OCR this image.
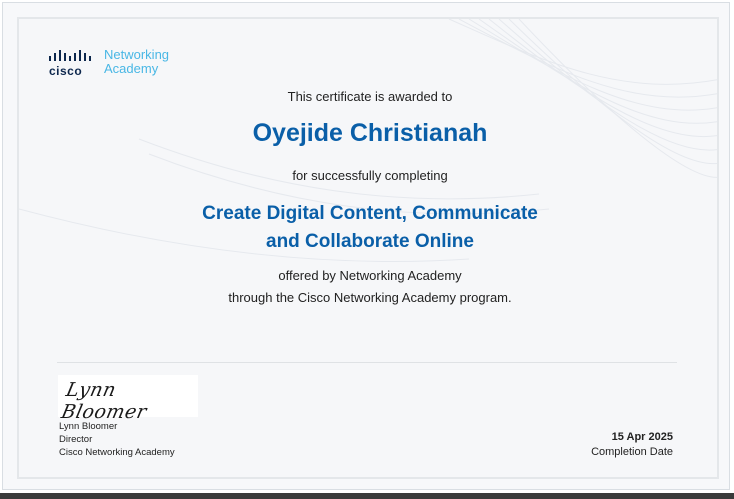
cisco
Networking
Academy
This certificate is awarded to
Oyejide Christianah
for successfully completing
Create Digital Content, Communicate
and Collaborate Online
offered by Networking Academy
through the Cisco Networking Academy program.
Lynn Bloomer
Lynn Bloomer
Director
Cisco Networking Academy
15 Apr 2025
Completion Date
